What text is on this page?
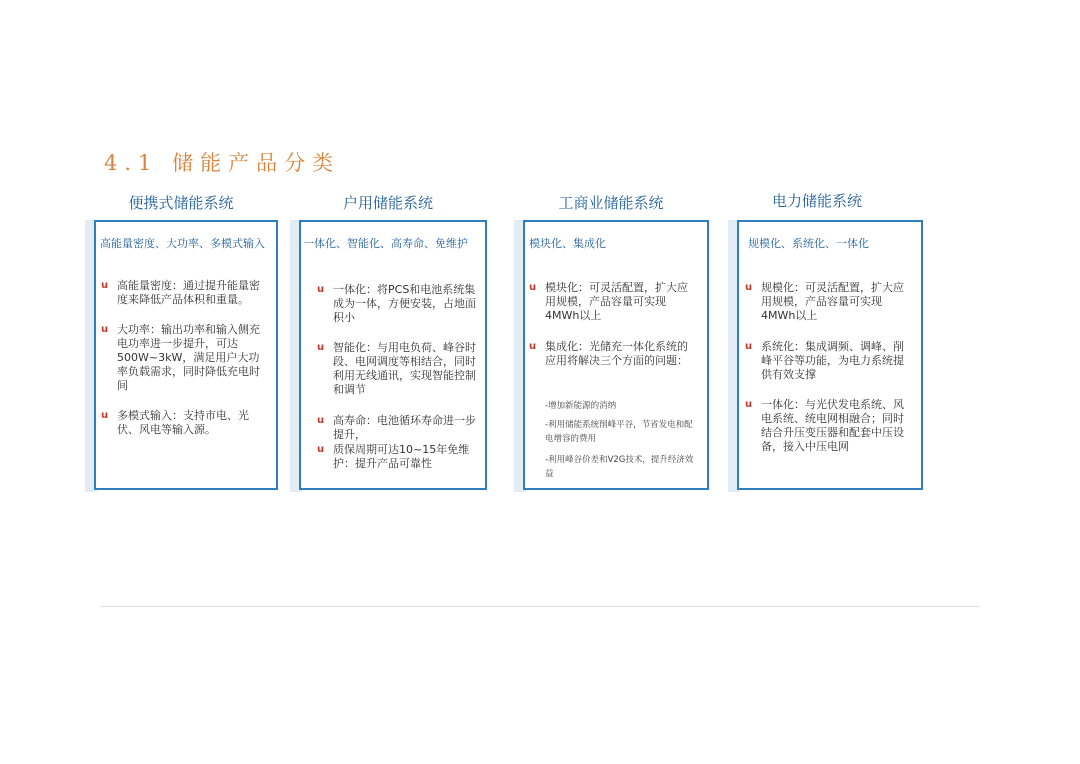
4.1 储能产品分类
便携式储能系统
高能量密度、大功率、多模式输入
u 高能量密度：通过提升能量密度来降低产品体积和重量。
u 大功率：输出功率和输入侧充电功率进一步提升，可达500W~3kW，满足用户大功率负载需求，同时降低充电时间
u 多模式输入：支持市电、光伏、风电等输入源。
户用储能系统
一体化、智能化、高寿命、免维护
u 一体化：将PCS和电池系统集成为一体，方便安装，占地面积小
u 智能化：与用电负荷、峰谷时段、电网调度等相结合，同时利用无线通讯，实现智能控制和调节
u 高寿命：电池循环寿命进一步提升，
u 质保周期可达10~15年免维护：提升产品可靠性
工商业储能系统
模块化、集成化
u 模块化：可灵活配置，扩大应用规模，产品容量可实现4MWh以上
u 集成化：光储充一体化系统的应用将解决三个方面的问题：
-增加新能源的消纳
-利用储能系统削峰平谷，节省发电和配电增容的费用
-利用峰谷价差和V2G技术，提升经济效益
电力储能系统
规模化、系统化、一体化
u 规模化：可灵活配置，扩大应用规模，产品容量可实现4MWh以上
u 系统化：集成调频、调峰、削峰平谷等功能，为电力系统提供有效支撑
u 一体化：与光伏发电系统、风电系统、统电网相融合；同时结合升压变压器和配套中压设备，接入中压电网
